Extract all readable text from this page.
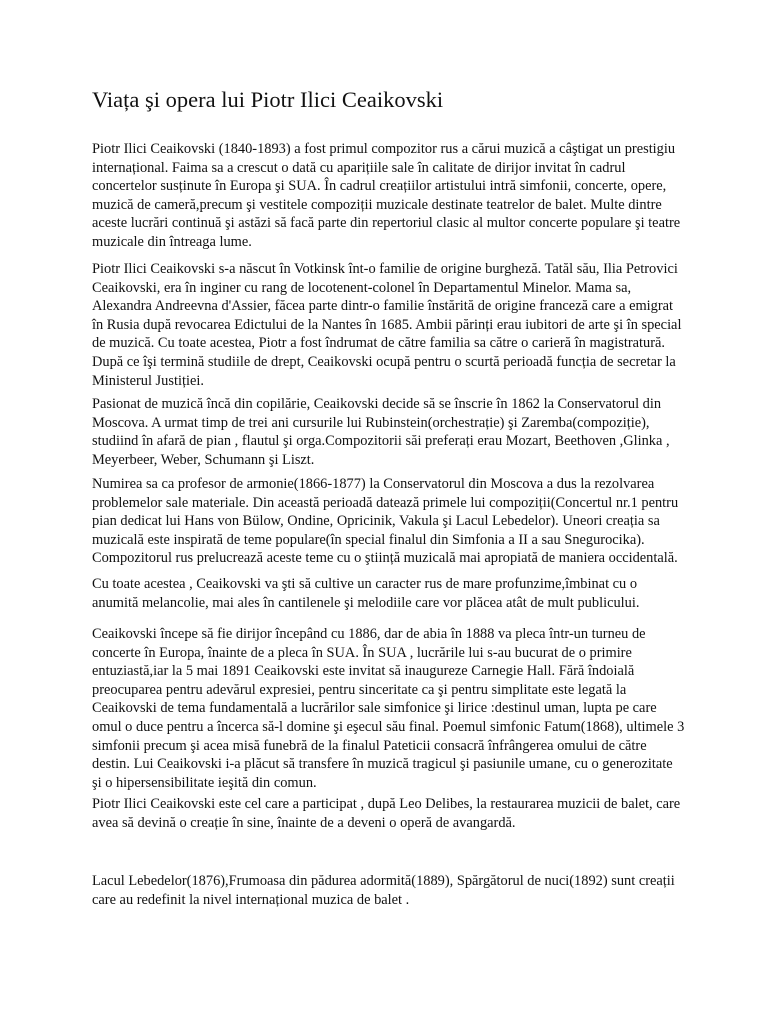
Viața şi opera lui Piotr Ilici Ceaikovski

Piotr Ilici Ceaikovski (1840-1893) a fost primul compozitor rus a cărui muzică a câştigat un prestigiu
internațional. Faima sa a crescut o dată cu aparițiile sale în calitate de dirijor invitat în cadrul
concertelor susținute în Europa şi SUA. În cadrul creațiilor artistului intră simfonii, concerte, opere,
muzică de cameră,precum şi vestitele compoziții muzicale destinate teatrelor de balet. Multe dintre
aceste lucrări continuă şi astăzi să facă parte din repertoriul clasic al multor concerte populare şi teatre
muzicale din întreaga lume.

Piotr Ilici Ceaikovski s-a născut în Votkinsk înt-o familie de origine burgheză. Tatăl său, Ilia Petrovici
Ceaikovski, era în inginer cu rang de locotenent-colonel în Departamentul Minelor. Mama sa,
Alexandra Andreevna d'Assier, făcea parte dintr-o familie înstărită de origine franceză care a emigrat
în Rusia după revocarea Edictului de la Nantes în 1685. Ambii părinți erau iubitori de arte şi în special
de muzică. Cu toate acestea, Piotr a fost îndrumat de către familia sa către o carieră în magistratură.
După ce îşi termină studiile de drept, Ceaikovski ocupă pentru o scurtă perioadă funcția de secretar la
Ministerul Justiției.

Pasionat de muzică încă din copilărie, Ceaikovski decide să se înscrie în 1862 la Conservatorul din
Moscova. A urmat timp de trei ani cursurile lui Rubinstein(orchestrație) şi Zaremba(compoziție),
studiind în afară de pian , flautul şi orga.Compozitorii săi preferați erau Mozart, Beethoven ,Glinka ,
Meyerbeer, Weber, Schumann şi Liszt.

Numirea sa ca profesor de armonie(1866-1877) la Conservatorul din Moscova a dus la rezolvarea
problemelor sale materiale. Din această perioadă datează primele lui compoziții(Concertul nr.1 pentru
pian dedicat lui Hans von Bülow, Ondine, Opricinik, Vakula şi Lacul Lebedelor). Uneori creația sa
muzicală este inspirată de teme populare(în special finalul din Simfonia a II a sau Snegurocika).
Compozitorul rus prelucrează aceste teme cu o ştiință muzicală mai apropiată de maniera occidentală.

Cu toate acestea , Ceaikovski va şti să cultive un caracter rus de mare profunzime,îmbinat cu o
anumită melancolie, mai ales în cantilenele şi melodiile care vor plăcea atât de mult publicului.

Ceaikovski începe să fie dirijor începând cu 1886, dar de abia în 1888 va pleca într-un turneu de
concerte în Europa, înainte de a pleca în SUA. În SUA , lucrările lui s-au bucurat de o primire
entuziastă,iar la 5 mai 1891 Ceaikovski este invitat să inaugureze Carnegie Hall. Fără îndoială
preocuparea pentru adevărul expresiei, pentru sinceritate ca şi pentru simplitate este legată la
Ceaikovski de tema fundamentală a lucrărilor sale simfonice şi lirice :destinul uman, lupta pe care
omul o duce pentru a încerca să-l domine şi eşecul său final. Poemul simfonic Fatum(1868), ultimele 3
simfonii precum şi acea misă funebră de la finalul Pateticii consacră înfrângerea omului de către
destin. Lui Ceaikovski i-a plăcut să transfere în muzică tragicul şi pasiunile umane, cu o generozitate
şi o hipersensibilitate ieşită din comun.

Piotr Ilici Ceaikovski este cel care a participat , după Leo Delibes, la restaurarea muzicii de balet, care
avea să devină o creație în sine, înainte de a deveni o operă de avangardă.

Lacul Lebedelor(1876),Frumoasa din pădurea adormită(1889), Spărgătorul de nuci(1892) sunt creații
care au redefinit la nivel internațional muzica de balet .
